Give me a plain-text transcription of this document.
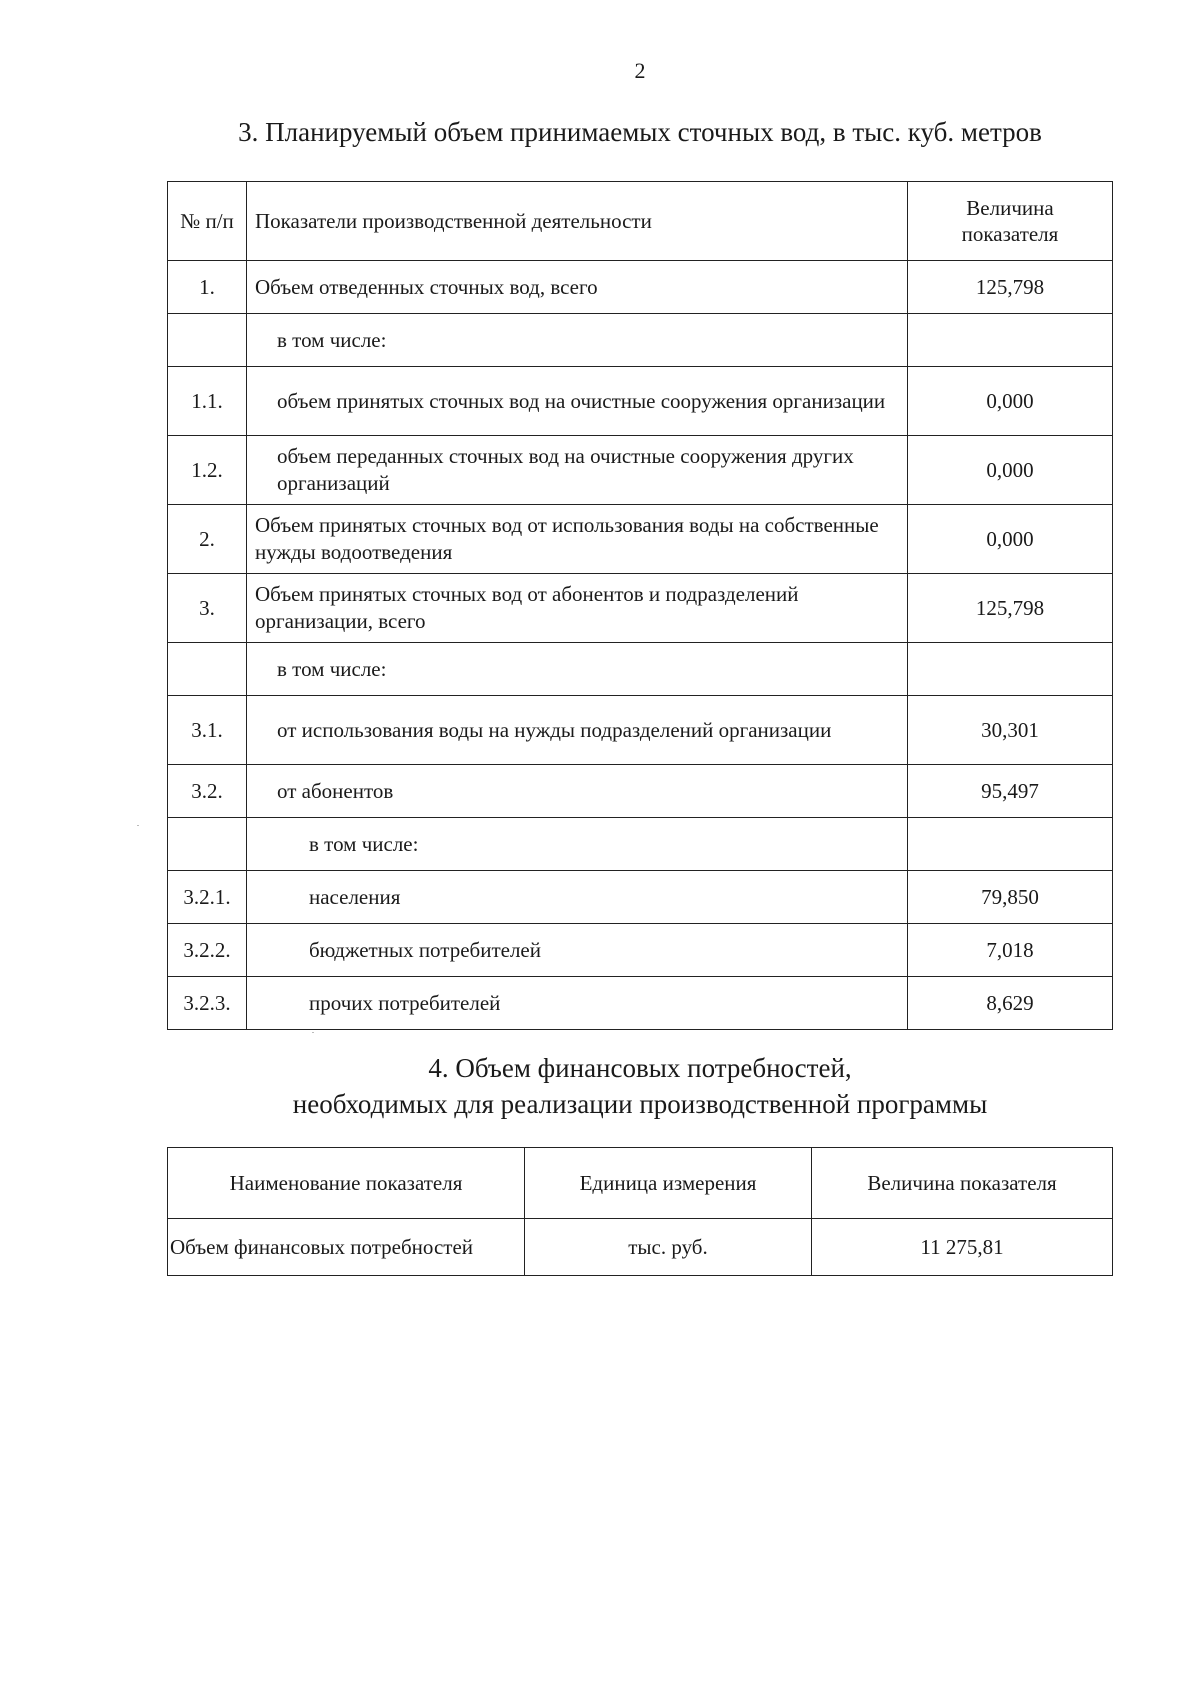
2
3. Планируемый объем принимаемых сточных вод, в тыс. куб. метров
№ п/п	Показатели производственной деятельности	Величина показателя
1.	Объем отведенных сточных вод, всего	125,798
	в том числе:	
1.1.	объем принятых сточных вод на очистные сооружения организации	0,000
1.2.	объем переданных сточных вод на очистные сооружения других организаций	0,000
2.	Объем принятых сточных вод от использования воды на собственные нужды водоотведения	0,000
3.	Объем принятых сточных вод от абонентов и подразделений организации, всего	125,798
	в том числе:	
3.1.	от использования воды на нужды подразделений организации	30,301
3.2.	от абонентов	95,497
	в том числе:	
3.2.1.	населения	79,850
3.2.2.	бюджетных потребителей	7,018
3.2.3.	прочих потребителей	8,629
4. Объем финансовых потребностей,
необходимых для реализации производственной программы
Наименование показателя	Единица измерения	Величина показателя
Объем финансовых потребностей	тыс. руб.	11 275,81
